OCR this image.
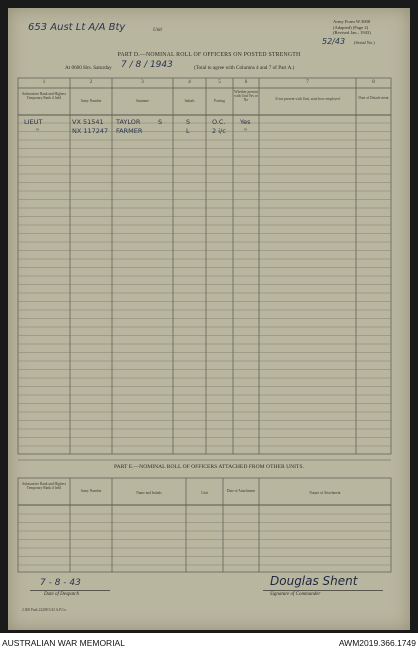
653 Aust Lt A/A Bty	Unit
Army Form W.3008
(Adapted) (Page 2)
(Revised Jan., 1943)
52/43 (Serial No.)
PART D.—NOMINAL ROLL OF OFFICERS ON POSTED STRENGTH
At 0600 Hrs. Saturday 7 / 8 / 1943	(Total to agree with Columns 4 and 7 of Part A.)
1	2	3	4	5	6	7	8
Substantive Rank and Highest Temporary Rank if held
Army Number	Surname	Initials	Posting
Whether present with Unit Yes or No	If not present with Unit, state how employed	Date of Detach-ment
LIEUT	VX 51541 TAYLOR	S	S	O.C. Yes
"	NX 117247 FARMER	L	2 i/c	"
PART E.—NOMINAL ROLL OF OFFICERS ATTACHED FROM OTHER UNITS.
Substantive Rank and Highest Temporary Rank if held
Army Number	Name and Initials	Unit	Date of Attachment	Nature of Attachment
7 - 8 - 43
Date of Despatch
Douglas Shent
Signature of Commander
2,500 Pads 22288 5/43 A.P.Co.
AUSTRALIAN WAR MEMORIAL	AWM2019.366.1749
